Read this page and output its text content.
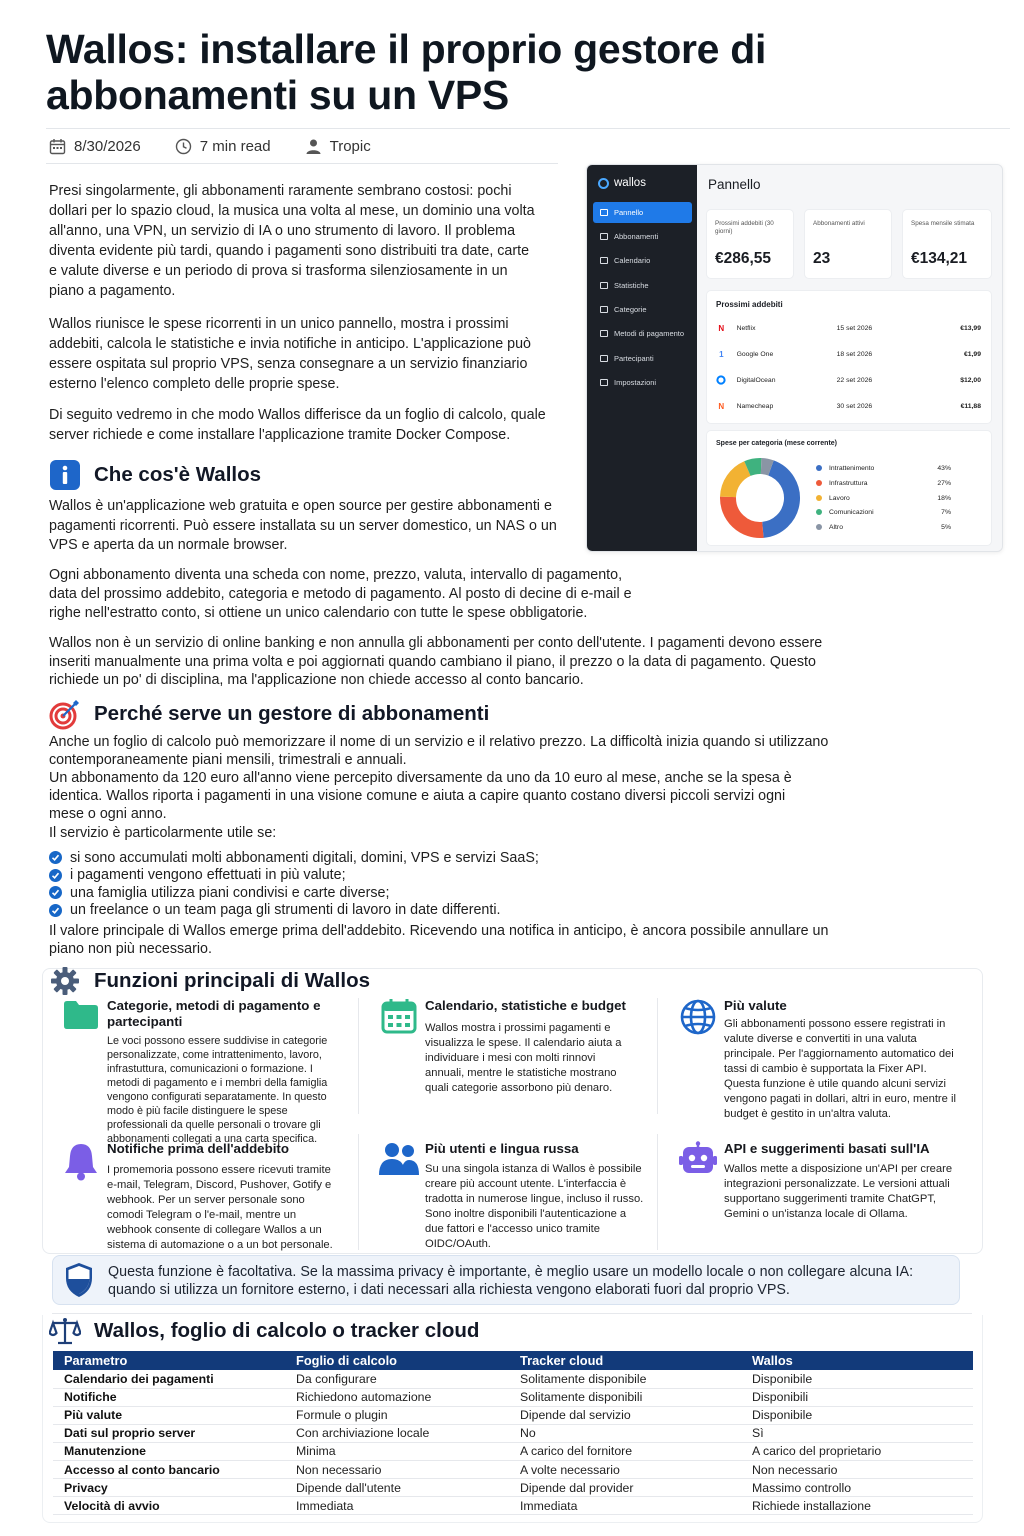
Wallos: installare il proprio gestore di abbonamenti su un VPS
8/30/2026	7 min read	Tropic

Presi singolarmente, gli abbonamenti raramente sembrano costosi: pochi dollari per lo spazio cloud, la musica una volta al mese, un dominio una volta all'anno, una VPN, un servizio di IA o uno strumento di lavoro. Il problema diventa evidente più tardi, quando i pagamenti sono distribuiti tra date, carte e valute diverse e un periodo di prova si trasforma silenziosamente in un piano a pagamento.

Wallos riunisce le spese ricorrenti in un unico pannello, mostra i prossimi addebiti, calcola le statistiche e invia notifiche in anticipo. L'applicazione può essere ospitata sul proprio VPS, senza consegnare a un servizio finanziario esterno l'elenco completo delle proprie spese.

Di seguito vedremo in che modo Wallos differisce da un foglio di calcolo, quale server richiede e come installare l'applicazione tramite Docker Compose.

wallos
Pannello
Abbonamenti
Calendario
Statistiche
Categorie
Metodi di pagamento
Partecipanti
Impostazioni
Pannello
Prossimi addebiti (30 giorni)
€286,55
Abbonamenti attivi
23
Spesa mensile stimata
€134,21
Prossimi addebiti
N	Netflix	15 set 2026	€13,99
1	Google One	18 set 2026	€1,99
DigitalOcean	22 set 2026	$12,00
N	Namecheap	30 set 2026	€11,88
Spese per categoria (mese corrente)
Intrattenimento	43%
Infrastruttura	27%
Lavoro	18%
Comunicazioni	7%
Altro	5%
Che cos'è Wallos

Wallos è un'applicazione web gratuita e open source per gestire abbonamenti e pagamenti ricorrenti. Può essere installata su un server domestico, un NAS o un VPS e aperta da un normale browser.

Ogni abbonamento diventa una scheda con nome, prezzo, valuta, intervallo di pagamento, data del prossimo addebito, categoria e metodo di pagamento. Al posto di decine di e-mail e righe nell'estratto conto, si ottiene un unico calendario con tutte le spese obbligatorie.

Wallos non è un servizio di online banking e non annulla gli abbonamenti per conto dell'utente. I pagamenti devono essere inseriti manualmente una prima volta e poi aggiornati quando cambiano il piano, il prezzo o la data di pagamento. Questo richiede un po' di disciplina, ma l'applicazione non chiede accesso al conto bancario.

Perché serve un gestore di abbonamenti

Anche un foglio di calcolo può memorizzare il nome di un servizio e il relativo prezzo. La difficoltà inizia quando si utilizzano contemporaneamente piani mensili, trimestrali e annuali.

Un abbonamento da 120 euro all'anno viene percepito diversamente da uno da 10 euro al mese, anche se la spesa è identica. Wallos riporta i pagamenti in una visione comune e aiuta a capire quanto costano diversi piccoli servizi ogni mese o ogni anno.

Il servizio è particolarmente utile se:

si sono accumulati molti abbonamenti digitali, domini, VPS e servizi SaaS;
i pagamenti vengono effettuati in più valute;
una famiglia utilizza piani condivisi e carte diverse;
un freelance o un team paga gli strumenti di lavoro in date differenti.

Il valore principale di Wallos emerge prima dell'addebito. Ricevendo una notifica in anticipo, è ancora possibile annullare un piano non più necessario.

Funzioni principali di Wallos
Categorie, metodi di pagamento e partecipanti
Le voci possono essere suddivise in categorie personalizzate, come intrattenimento, lavoro, infrastuttura, comunicazioni o formazione. I metodi di pagamento e i membri della famiglia vengono configurati separatamente. In questo modo è più facile distinguere le spese professionali da quelle personali o trovare gli abbonamenti collegati a una carta specifica.
Calendario, statistiche e budget
Wallos mostra i prossimi pagamenti e visualizza le spese. Il calendario aiuta a individuare i mesi con molti rinnovi annuali, mentre le statistiche mostrano quali categorie assorbono più denaro.
Più valute
Gli abbonamenti possono essere registrati in valute diverse e convertiti in una valuta principale. Per l'aggiornamento automatico dei tassi di cambio è supportata la Fixer API. Questa funzione è utile quando alcuni servizi vengono pagati in dollari, altri in euro, mentre il budget è gestito in un'altra valuta.
Notifiche prima dell'addebito
I promemoria possono essere ricevuti tramite e-mail, Telegram, Discord, Pushover, Gotify e webhook. Per un server personale sono comodi Telegram o l'e-mail, mentre un webhook consente di collegare Wallos a un sistema di automazione o a un bot personale.
Più utenti e lingua russa
Su una singola istanza di Wallos è possibile creare più account utente. L'interfaccia è tradotta in numerose lingue, incluso il russo. Sono inoltre disponibili l'autenticazione a due fattori e l'accesso unico tramite OIDC/OAuth.
API e suggerimenti basati sull'IA
Wallos mette a disposizione un'API per creare integrazioni personalizzate. Le versioni attuali supportano suggerimenti tramite ChatGPT, Gemini o un'istanza locale di Ollama.
Questa funzione è facoltativa. Se la massima privacy è importante, è meglio usare un modello locale o non collegare alcuna IA: quando si utilizza un fornitore esterno, i dati necessari alla richiesta vengono elaborati fuori dal proprio VPS.
Wallos, foglio di calcolo o tracker cloud
Parametro	Foglio di calcolo	Tracker cloud	Wallos
Calendario dei pagamenti	Da configurare	Solitamente disponibile	Disponibile
Notifiche	Richiedono automazione	Solitamente disponibili	Disponibili
Più valute	Formule o plugin	Dipende dal servizio	Disponibile
Dati sul proprio server	Con archiviazione locale	No	Sì
Manutenzione	Minima	A carico del fornitore	A carico del proprietario
Accesso al conto bancario	Non necessario	A volte necessario	Non necessario
Privacy	Dipende dall'utente	Dipende dal provider	Massimo controllo
Velocità di avvio	Immediata	Immediata	Richiede installazione
